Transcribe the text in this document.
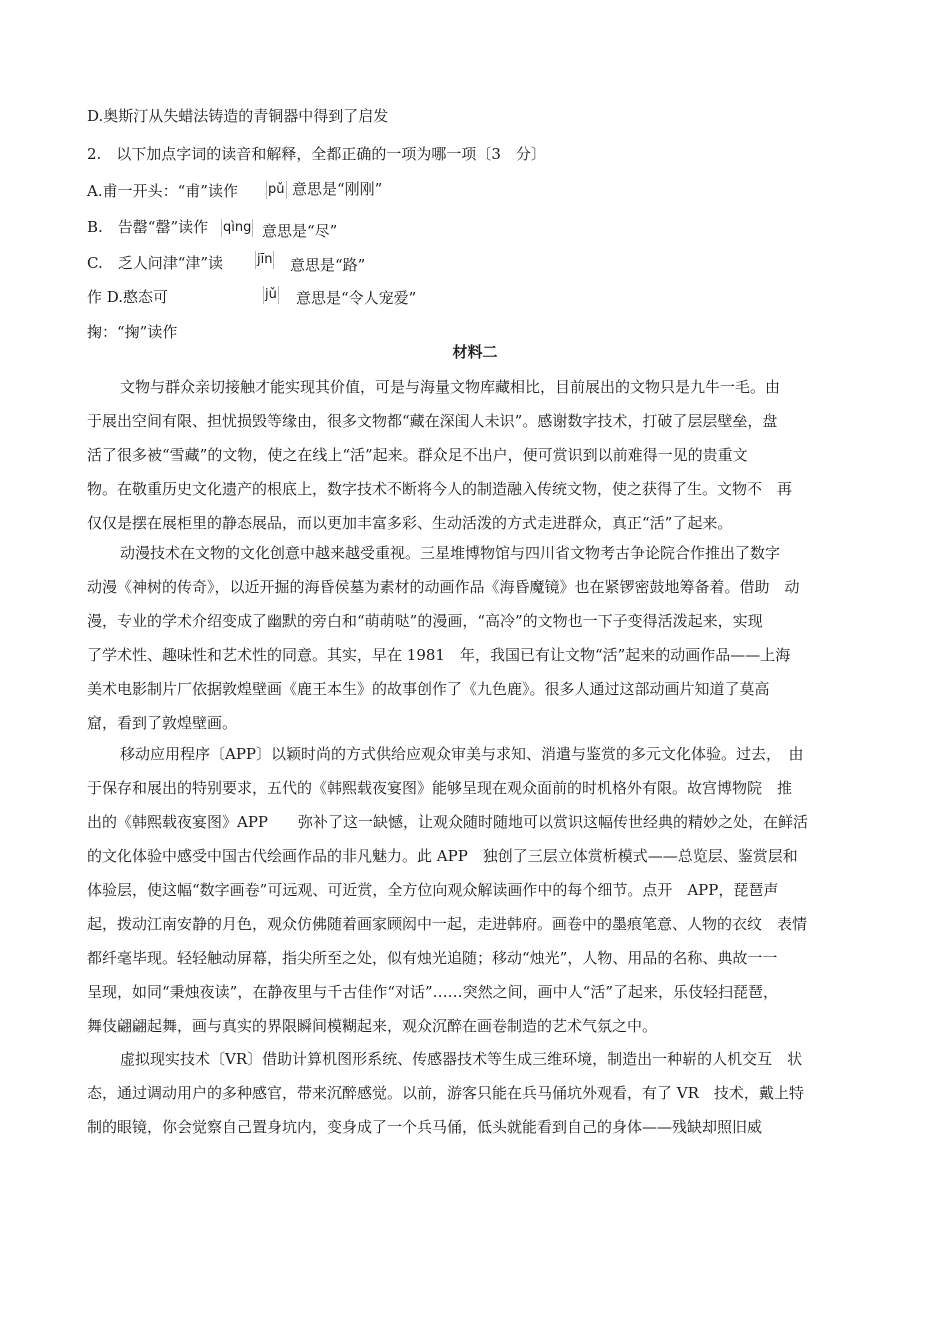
D.奥斯汀从失蜡法铸造的青铜器中得到了启发
2.　以下加点字词的读音和解释，全都正确的一项为哪一项〔3　分〕
A.甫一开头：“甫”读作 pǔ 意思是“刚刚”
B.　告罄“罄”读作 qìng 意思是“尽”
C.　乏人问津“津”读	jīn 意思是“路”
作 D.憨态可	jǔ 意思是“令人宠爱”
掬：“掬”读作
材料二
文物与群众亲切接触才能实现其价值，可是与海量文物库藏相比，目前展出的文物只是九牛一毛。由
于展出空间有限、担忧损毁等缘由，很多文物都“藏在深闺人未识”。感谢数字技术，打破了层层壁垒，盘
活了很多被“雪藏”的文物，使之在线上“活”起来。群众足不出户，便可赏识到以前难得一见的贵重文
物。在敬重历史文化遗产的根底上，数字技术不断将今人的制造融入传统文物，使之获得了生。文物不　再
仅仅是摆在展柜里的静态展品，而以更加丰富多彩、生动活泼的方式走进群众，真正“活”了起来。
动漫技术在文物的文化创意中越来越受重视。三星堆博物馆与四川省文物考古争论院合作推出了数字
动漫《神树的传奇》，以近开掘的海昏侯墓为素材的动画作品《海昏魔镜》也在紧锣密鼓地筹备着。借助　动
漫，专业的学术介绍变成了幽默的旁白和“萌萌哒”的漫画，“高冷”的文物也一下子变得活泼起来，实现
了学术性、趣味性和艺术性的同意。其实，早在 1981　年，我国已有让文物“活”起来的动画作品——上海
美术电影制片厂依据敦煌壁画《鹿王本生》的故事创作了《九色鹿》。很多人通过这部动画片知道了莫高
窟，看到了敦煌壁画。
移动应用程序〔APP〕以颖时尚的方式供给应观众审美与求知、消遣与鉴赏的多元文化体验。过去，　由
于保存和展出的特别要求，五代的《韩熙载夜宴图》能够呈现在观众面前的时机格外有限。故宫博物院　推
出的《韩熙载夜宴图》APP　　弥补了这一缺憾，让观众随时随地可以赏识这幅传世经典的精妙之处，在鲜活
的文化体验中感受中国古代绘画作品的非凡魅力。此 APP　独创了三层立体赏析模式——总览层、鉴赏层和
体验层，使这幅“数字画卷”可远观、可近赏，全方位向观众解读画作中的每个细节。点开　APP，琵琶声
起，拨动江南安静的月色，观众仿佛随着画家顾闳中一起，走进韩府。画卷中的墨痕笔意、人物的衣纹　表情
都纤毫毕现。轻轻触动屏幕，指尖所至之处，似有烛光追随；移动“烛光”，人物、用品的名称、典故一一
呈现，如同“秉烛夜读”，在静夜里与千古佳作“对话”……突然之间，画中人“活”了起来，乐伎轻扫琵琶，
舞伎翩翩起舞，画与真实的界限瞬间模糊起来，观众沉醉在画卷制造的艺术气氛之中。
虚拟现实技术〔VR〕借助计算机图形系统、传感器技术等生成三维环境，制造出一种崭的人机交互　状
态，通过调动用户的多种感官，带来沉醉感觉。以前，游客只能在兵马俑坑外观看，有了 VR　技术，戴上特
制的眼镜，你会觉察自己置身坑内，变身成了一个兵马俑，低头就能看到自己的身体——残缺却照旧威
